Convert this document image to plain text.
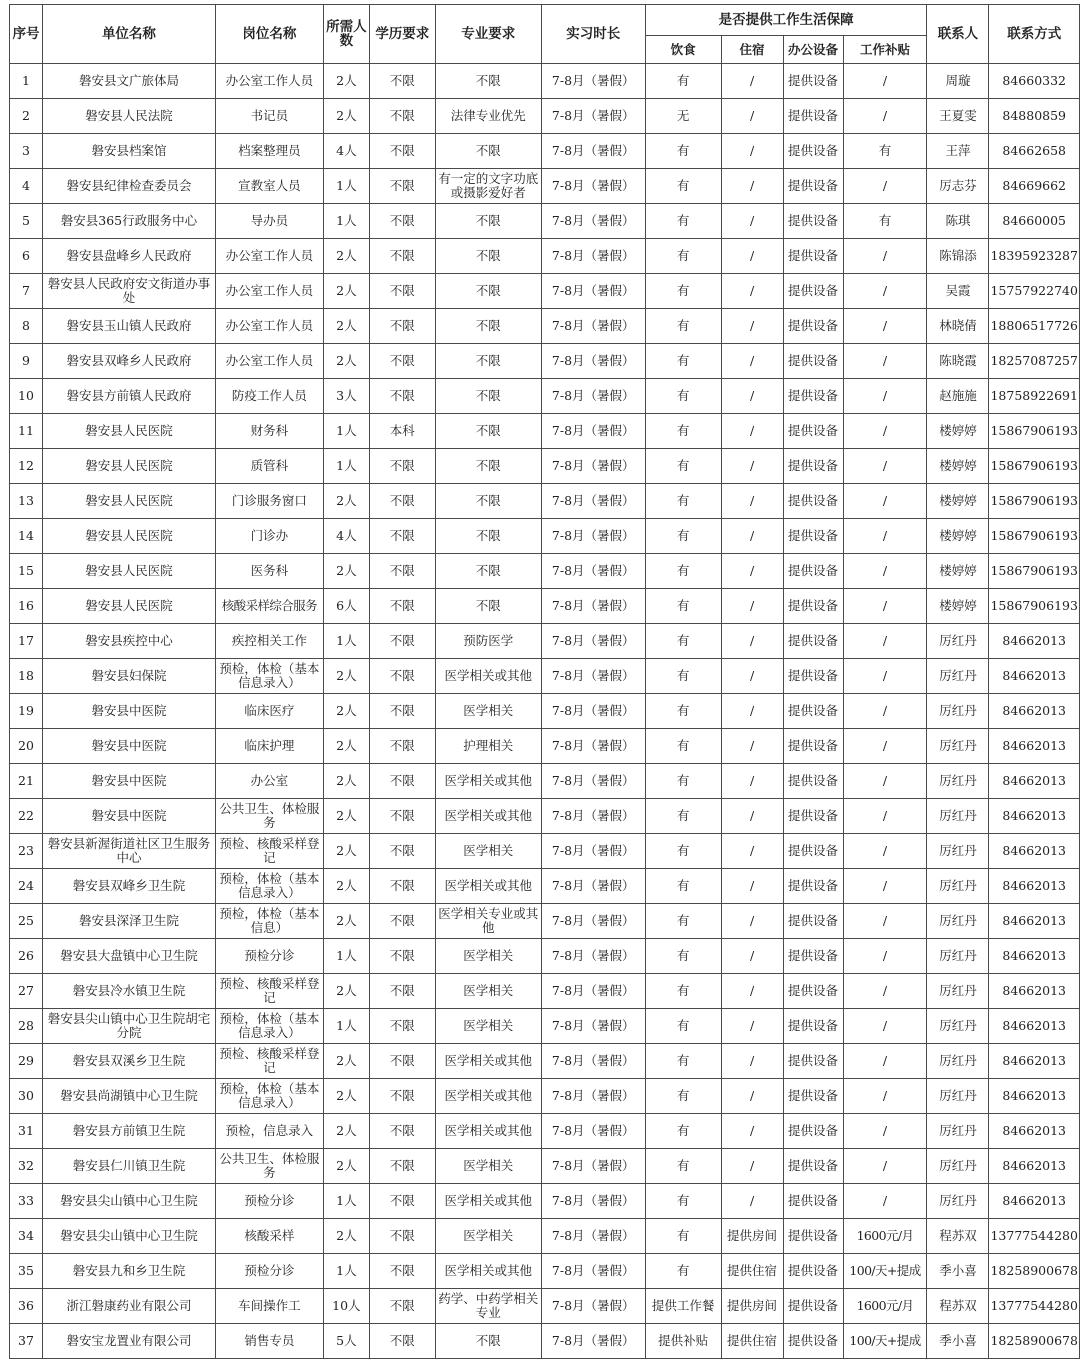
序号	单位名称	岗位名称	所需人数	学历要求	专业要求	实习时长	是否提供工作生活保障				联系人	联系方式
							饮食	住宿	办公设备	工作补贴		
1	磐安县文广旅体局	办公室工作人员	2人	不限	不限	7-8月（暑假）	有	/	提供设备	/	周璇	84660332
2	磐安县人民法院	书记员	2人	不限	法律专业优先	7-8月（暑假）	无	/	提供设备	/	王夏雯	84880859
3	磐安县档案馆	档案整理员	4人	不限	不限	7-8月（暑假）	有	/	提供设备	有	王萍	84662658
4	磐安县纪律检查委员会	宣教室人员	1人	不限	有一定的文字功底或摄影爱好者	7-8月（暑假）	有	/	提供设备	/	厉志芬	84669662
5	磐安县365行政服务中心	导办员	1人	不限	不限	7-8月（暑假）	有	/	提供设备	有	陈琪	84660005
6	磐安县盘峰乡人民政府	办公室工作人员	2人	不限	不限	7-8月（暑假）	有	/	提供设备	/	陈锦添	18395923287
7	磐安县人民政府安文街道办事处	办公室工作人员	2人	不限	不限	7-8月（暑假）	有	/	提供设备	/	吴霞	15757922740
8	磐安县玉山镇人民政府	办公室工作人员	2人	不限	不限	7-8月（暑假）	有	/	提供设备	/	林晓倩	18806517726
9	磐安县双峰乡人民政府	办公室工作人员	2人	不限	不限	7-8月（暑假）	有	/	提供设备	/	陈晓霞	18257087257
10	磐安县方前镇人民政府	防疫工作人员	3人	不限	不限	7-8月（暑假）	有	/	提供设备	/	赵施施	18758922691
11	磐安县人民医院	财务科	1人	本科	不限	7-8月（暑假）	有	/	提供设备	/	楼婷婷	15867906193
12	磐安县人民医院	质管科	1人	不限	不限	7-8月（暑假）	有	/	提供设备	/	楼婷婷	15867906193
13	磐安县人民医院	门诊服务窗口	2人	不限	不限	7-8月（暑假）	有	/	提供设备	/	楼婷婷	15867906193
14	磐安县人民医院	门诊办	4人	不限	不限	7-8月（暑假）	有	/	提供设备	/	楼婷婷	15867906193
15	磐安县人民医院	医务科	2人	不限	不限	7-8月（暑假）	有	/	提供设备	/	楼婷婷	15867906193
16	磐安县人民医院	核酸采样综合服务	6人	不限	不限	7-8月（暑假）	有	/	提供设备	/	楼婷婷	15867906193
17	磐安县疾控中心	疾控相关工作	1人	不限	预防医学	7-8月（暑假）	有	/	提供设备	/	厉红丹	84662013
18	磐安县妇保院	预检，体检（基本信息录入）	2人	不限	医学相关或其他	7-8月（暑假）	有	/	提供设备	/	厉红丹	84662013
19	磐安县中医院	临床医疗	2人	不限	医学相关	7-8月（暑假）	有	/	提供设备	/	厉红丹	84662013
20	磐安县中医院	临床护理	2人	不限	护理相关	7-8月（暑假）	有	/	提供设备	/	厉红丹	84662013
21	磐安县中医院	办公室	2人	不限	医学相关或其他	7-8月（暑假）	有	/	提供设备	/	厉红丹	84662013
22	磐安县中医院	公共卫生、体检服务	2人	不限	医学相关或其他	7-8月（暑假）	有	/	提供设备	/	厉红丹	84662013
23	磐安县新渥街道社区卫生服务中心	预检、核酸采样登记	2人	不限	医学相关	7-8月（暑假）	有	/	提供设备	/	厉红丹	84662013
24	磐安县双峰乡卫生院	预检，体检（基本信息录入）	2人	不限	医学相关或其他	7-8月（暑假）	有	/	提供设备	/	厉红丹	84662013
25	磐安县深泽卫生院	预检，体检（基本信息）	2人	不限	医学相关专业或其他	7-8月（暑假）	有	/	提供设备	/	厉红丹	84662013
26	磐安县大盘镇中心卫生院	预检分诊	1人	不限	医学相关	7-8月（暑假）	有	/	提供设备	/	厉红丹	84662013
27	磐安县冷水镇卫生院	预检、核酸采样登记	2人	不限	医学相关	7-8月（暑假）	有	/	提供设备	/	厉红丹	84662013
28	磐安县尖山镇中心卫生院胡宅分院	预检，体检（基本信息录入）	1人	不限	医学相关	7-8月（暑假）	有	/	提供设备	/	厉红丹	84662013
29	磐安县双溪乡卫生院	预检、核酸采样登记	2人	不限	医学相关或其他	7-8月（暑假）	有	/	提供设备	/	厉红丹	84662013
30	磐安县尚湖镇中心卫生院	预检，体检（基本信息录入）	2人	不限	医学相关或其他	7-8月（暑假）	有	/	提供设备	/	厉红丹	84662013
31	磐安县方前镇卫生院	预检，信息录入	2人	不限	医学相关或其他	7-8月（暑假）	有	/	提供设备	/	厉红丹	84662013
32	磐安县仁川镇卫生院	公共卫生、体检服务	2人	不限	医学相关	7-8月（暑假）	有	/	提供设备	/	厉红丹	84662013
33	磐安县尖山镇中心卫生院	预检分诊	1人	不限	医学相关或其他	7-8月（暑假）	有	/	提供设备	/	厉红丹	84662013
34	磐安县尖山镇中心卫生院	核酸采样	2人	不限	医学相关	7-8月（暑假）	有	提供房间	提供设备	1600元/月	程苏双	13777544280
35	磐安县九和乡卫生院	预检分诊	1人	不限	医学相关或其他	7-8月（暑假）	有	提供住宿	提供设备	100/天+提成	季小喜	18258900678
36	浙江磐康药业有限公司	车间操作工	10人	不限	药学、中药学相关专业	7-8月（暑假）	提供工作餐	提供房间	提供设备	1600元/月	程苏双	13777544280
37	磐安宝龙置业有限公司	销售专员	5人	不限	不限	7-8月（暑假）	提供补贴	提供住宿	提供设备	100/天+提成	季小喜	18258900678
